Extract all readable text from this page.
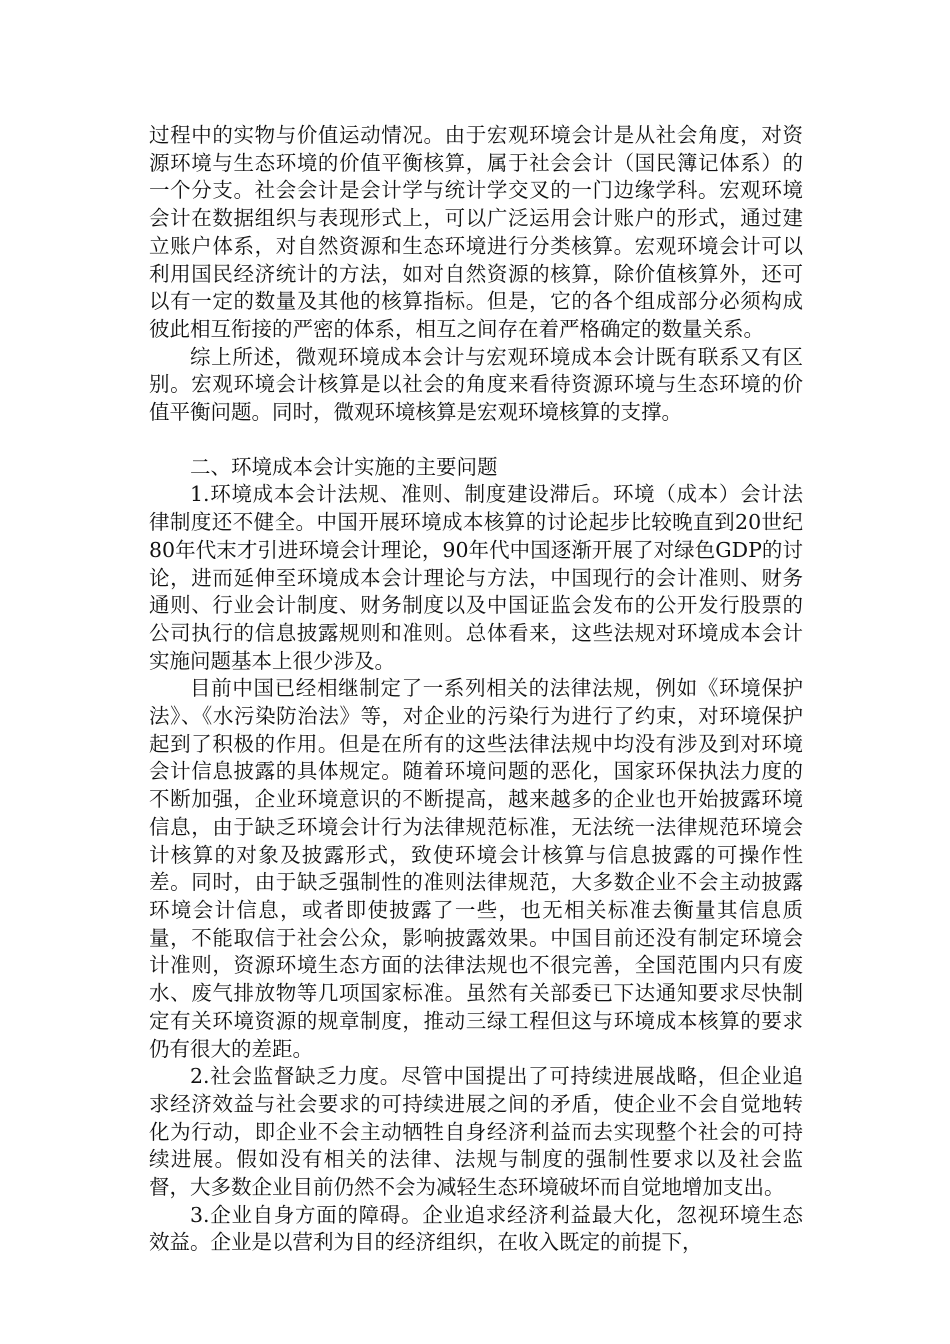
过程中的实物与价值运动情况。由于宏观环境会计是从社会角度，对资源环境与生态环境的价值平衡核算，属于社会会计（国民簿记体系）的一个分支。社会会计是会计学与统计学交叉的一门边缘学科。宏观环境会计在数据组织与表现形式上，可以广泛运用会计账户的形式，通过建立账户体系，对自然资源和生态环境进行分类核算。宏观环境会计可以利用国民经济统计的方法，如对自然资源的核算，除价值核算外，还可以有一定的数量及其他的核算指标。但是，它的各个组成部分必须构成彼此相互衔接的严密的体系，相互之间存在着严格确定的数量关系。

综上所述，微观环境成本会计与宏观环境成本会计既有联系又有区别。宏观环境会计核算是以社会的角度来看待资源环境与生态环境的价值平衡问题。同时，微观环境核算是宏观环境核算的支撑。

二、环境成本会计实施的主要问题

1.环境成本会计法规、准则、制度建设滞后。环境（成本）会计法律制度还不健全。中国开展环境成本核算的讨论起步比较晚直到20世纪80年代末才引进环境会计理论，90年代中国逐渐开展了对绿色GDP的讨论，进而延伸至环境成本会计理论与方法，中国现行的会计准则、财务通则、行业会计制度、财务制度以及中国证监会发布的公开发行股票的公司执行的信息披露规则和准则。总体看来，这些法规对环境成本会计实施问题基本上很少涉及。

目前中国已经相继制定了一系列相关的法律法规，例如《环境保护法》、《水污染防治法》等，对企业的污染行为进行了约束，对环境保护起到了积极的作用。但是在所有的这些法律法规中均没有涉及到对环境会计信息披露的具体规定。随着环境问题的恶化，国家环保执法力度的不断加强，企业环境意识的不断提高，越来越多的企业也开始披露环境信息，由于缺乏环境会计行为法律规范标准，无法统一法律规范环境会计核算的对象及披露形式，致使环境会计核算与信息披露的可操作性差。同时，由于缺乏强制性的准则法律规范，大多数企业不会主动披露环境会计信息，或者即使披露了一些，也无相关标准去衡量其信息质量，不能取信于社会公众，影响披露效果。中国目前还没有制定环境会计准则，资源环境生态方面的法律法规也不很完善，全国范围内只有废水、废气排放物等几项国家标准。虽然有关部委已下达通知要求尽快制定有关环境资源的规章制度，推动三绿工程但这与环境成本核算的要求仍有很大的差距。

2.社会监督缺乏力度。尽管中国提出了可持续进展战略，但企业追求经济效益与社会要求的可持续进展之间的矛盾，使企业不会自觉地转化为行动，即企业不会主动牺牲自身经济利益而去实现整个社会的可持续进展。假如没有相关的法律、法规与制度的强制性要求以及社会监督，大多数企业目前仍然不会为减轻生态环境破坏而自觉地增加支出。

3.企业自身方面的障碍。企业追求经济利益最大化，忽视环境生态效益。企业是以营利为目的经济组织，在收入既定的前提下，
